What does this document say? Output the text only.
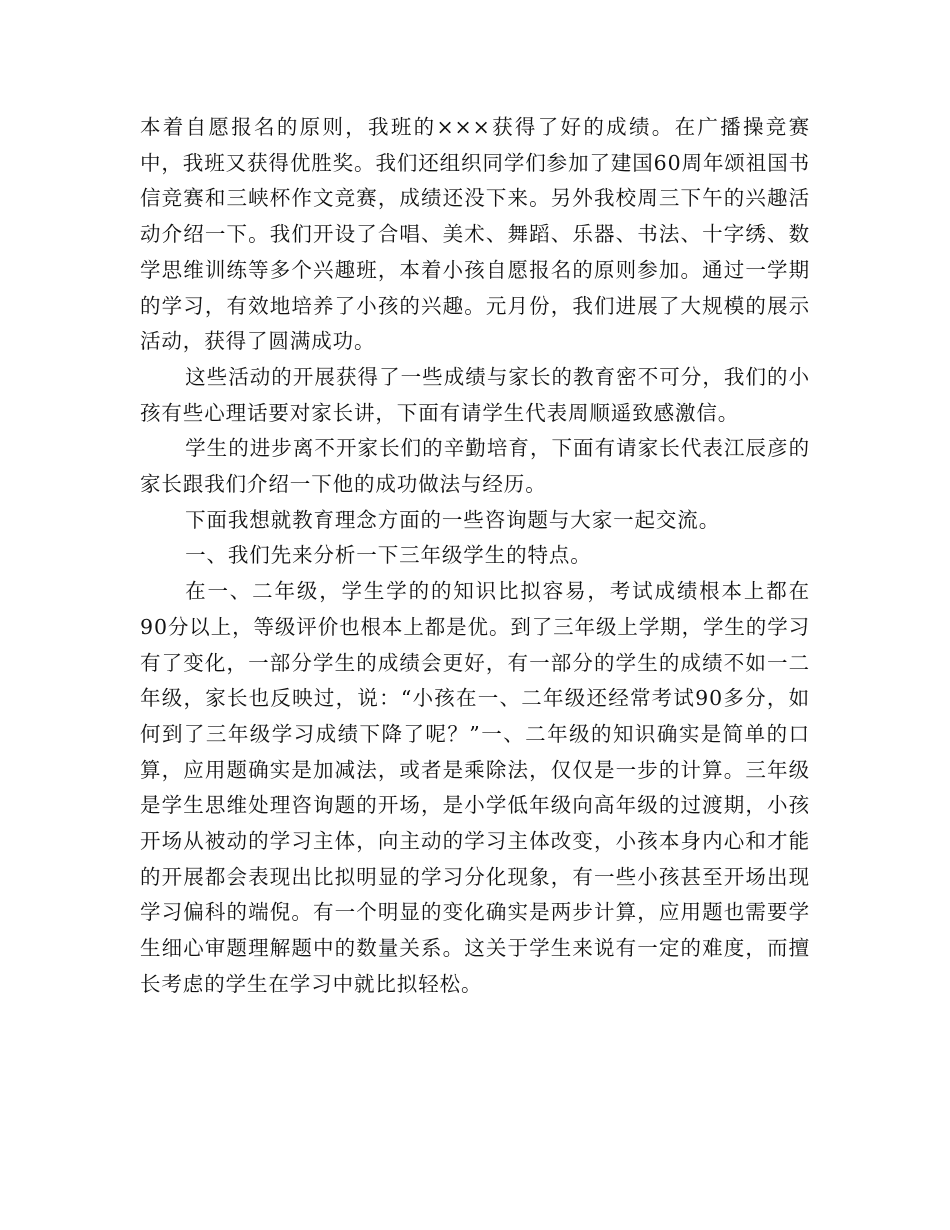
本着自愿报名的原则，我班的×××获得了好的成绩。在广播操竞赛中，我班又获得优胜奖。我们还组织同学们参加了建国60周年颂祖国书信竞赛和三峡杯作文竞赛，成绩还没下来。另外我校周三下午的兴趣活动介绍一下。我们开设了合唱、美术、舞蹈、乐器、书法、十字绣、数学思维训练等多个兴趣班，本着小孩自愿报名的原则参加。通过一学期的学习，有效地培养了小孩的兴趣。元月份，我们进展了大规模的展示活动，获得了圆满成功。

这些活动的开展获得了一些成绩与家长的教育密不可分，我们的小孩有些心理话要对家长讲，下面有请学生代表周顺遥致感激信。

学生的进步离不开家长们的辛勤培育，下面有请家长代表江辰彦的家长跟我们介绍一下他的成功做法与经历。

下面我想就教育理念方面的一些咨询题与大家一起交流。

一、我们先来分析一下三年级学生的特点。

在一、二年级，学生学的的知识比拟容易，考试成绩根本上都在90分以上，等级评价也根本上都是优。到了三年级上学期，学生的学习有了变化，一部分学生的成绩会更好，有一部分的学生的成绩不如一二年级，家长也反映过，说：“小孩在一、二年级还经常考试90多分，如何到了三年级学习成绩下降了呢？”一、二年级的知识确实是简单的口算，应用题确实是加减法，或者是乘除法，仅仅是一步的计算。三年级是学生思维处理咨询题的开场，是小学低年级向高年级的过渡期，小孩开场从被动的学习主体，向主动的学习主体改变，小孩本身内心和才能的开展都会表现出比拟明显的学习分化现象，有一些小孩甚至开场出现学习偏科的端倪。有一个明显的变化确实是两步计算，应用题也需要学生细心审题理解题中的数量关系。这关于学生来说有一定的难度，而擅长考虑的学生在学习中就比拟轻松。
